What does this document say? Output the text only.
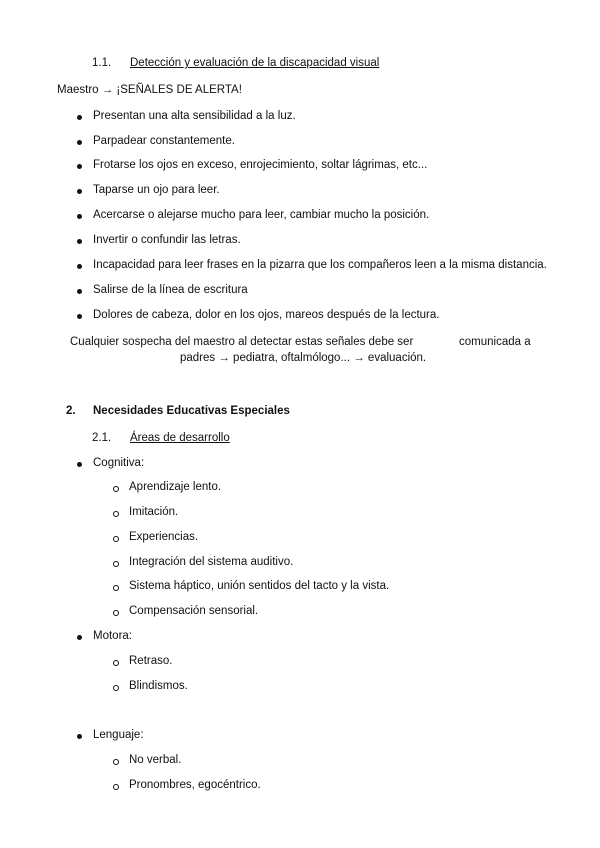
1.1. Detección y evaluación de la discapacidad visual
Maestro → ¡SEÑALES DE ALERTA!
Presentan una alta sensibilidad a la luz.
Parpadear constantemente.
Frotarse los ojos en exceso, enrojecimiento, soltar lágrimas, etc...
Taparse un ojo para leer.
Acercarse o alejarse mucho para leer, cambiar mucho la posición.
Invertir o confundir las letras.
Incapacidad para leer frases en la pizarra que los compañeros leen a la misma distancia.
Salirse de la línea de escritura
Dolores de cabeza, dolor en los ojos, mareos después de la lectura.
Cualquier sospecha del maestro al detectar estas señales debe ser	comunicada a
padres → pediatra, oftalmólogo... → evaluación.
2. Necesidades Educativas Especiales
2.1. Áreas de desarrollo
Cognitiva:
Aprendizaje lento.
Imitación.
Experiencias.
Integración del sistema auditivo.
Sistema háptico, unión sentidos del tacto y la vista.
Compensación sensorial.
Motora:
Retraso.
Blindismos.
Lenguaje:
No verbal.
Pronombres, egocéntrico.
